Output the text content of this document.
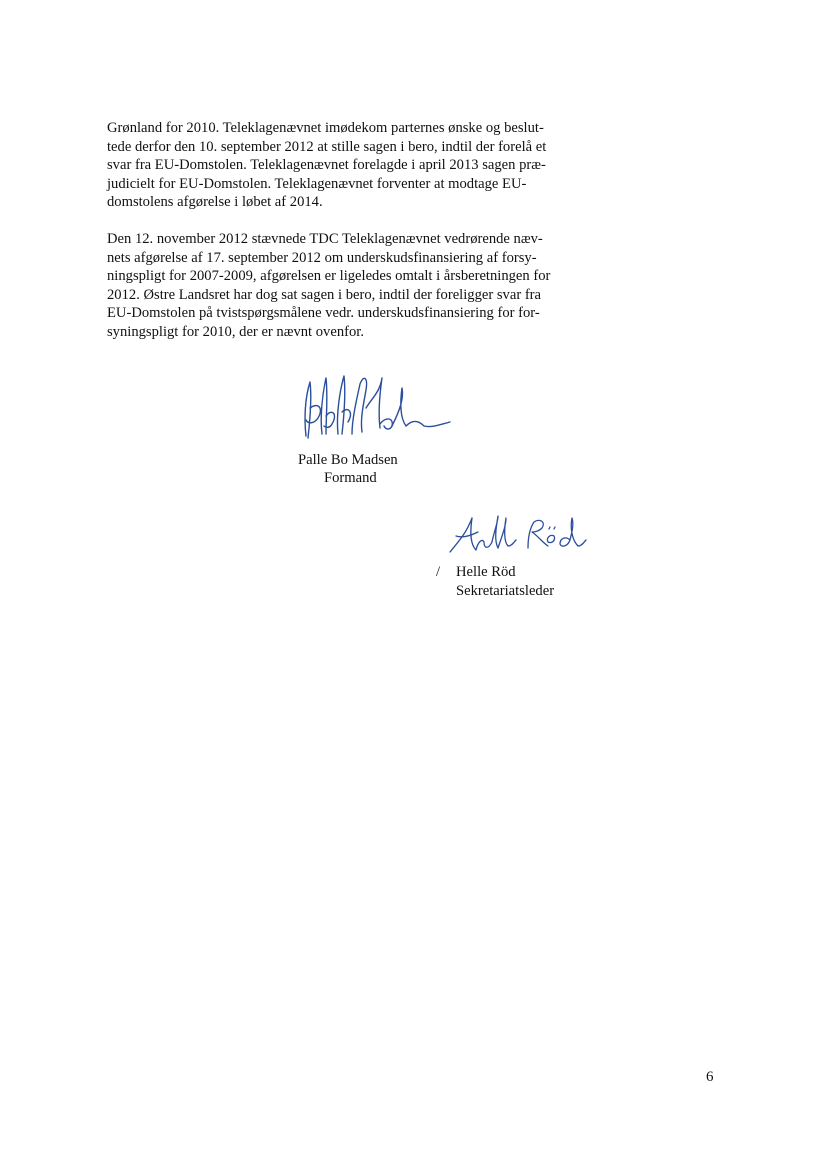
Grønland for 2010. Teleklagenævnet imødekom parternes ønske og beslut-
tede derfor den 10. september 2012 at stille sagen i bero, indtil der forelå et
svar fra EU-Domstolen. Teleklagenævnet forelagde i april 2013 sagen præ-
judicielt for EU-Domstolen. Teleklagenævnet forventer at modtage EU-
domstolens afgørelse i løbet af 2014.
Den 12. november 2012 stævnede TDC Teleklagenævnet vedrørende næv-
nets afgørelse af 17. september 2012 om underskudsfinansiering af forsy-
ningspligt for 2007-2009, afgørelsen er ligeledes omtalt i årsberetningen for
2012. Østre Landsret har dog sat sagen i bero, indtil der foreligger svar fra
EU-Domstolen på tvistspørgsmålene vedr. underskudsfinansiering for for-
syningspligt for 2010, der er nævnt ovenfor.
Palle Bo Madsen
Formand
/ Helle Röd
Sekretariatsleder
6
